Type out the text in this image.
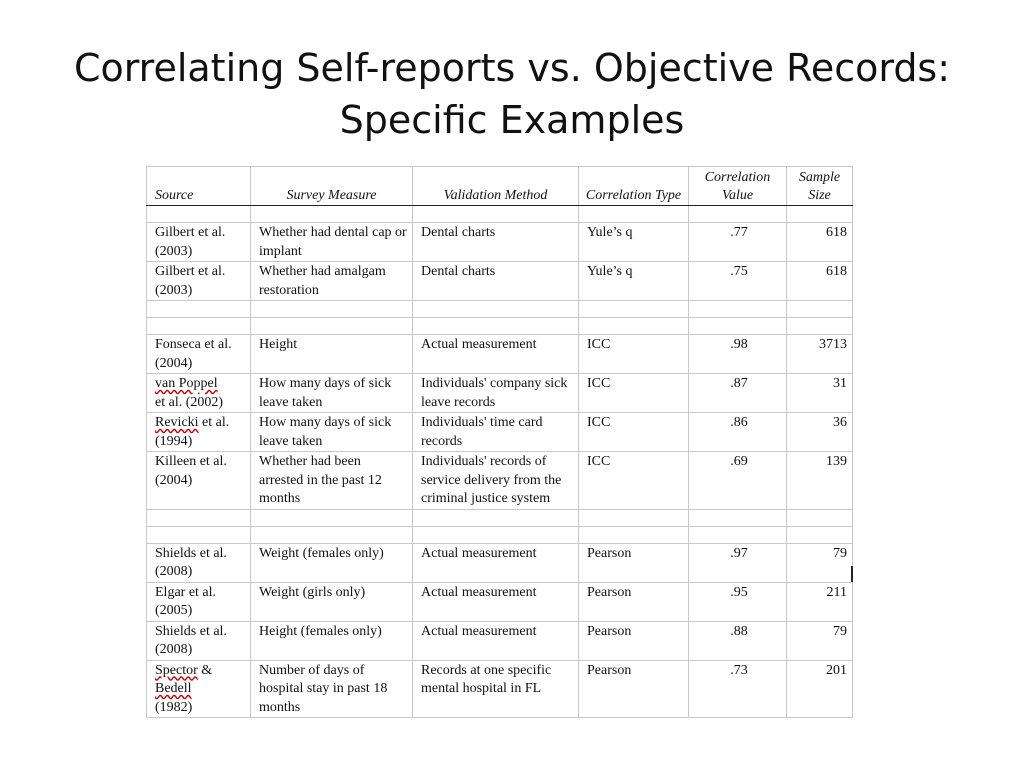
Correlating Self-reports vs. Objective Records:
Specific Examples
Source	Survey Measure	Validation Method	Correlation Type	Correlation Value	Sample Size

Gilbert et al. (2003)	Whether had dental cap or implant	Dental charts	Yule’s q	.77	618
Gilbert et al. (2003)	Whether had amalgam restoration	Dental charts	Yule’s q	.75	618

Fonseca et al. (2004)	Height	Actual measurement	ICC	.98	3713
van Poppel
et al. (2002)	How many days of sick leave taken	Individuals' company sick leave records	ICC	.87	31
Revicki et al. (1994)	How many days of sick leave taken	Individuals' time card records	ICC	.86	36
Killeen et al. (2004)	Whether had been arrested in the past 12 months	Individuals' records of service delivery from the criminal justice system	ICC	.69	139

Shields et al. (2008)	Weight (females only)	Actual measurement	Pearson	.97	79
Elgar et al. (2005)	Weight (girls only)	Actual measurement	Pearson	.95	211
Shields et al. (2008)	Height (females only)	Actual measurement	Pearson	.88	79
Spector &
Bedell
(1982)	Number of days of hospital stay in past 18 months	Records at one specific mental hospital in FL	Pearson	.73	201
